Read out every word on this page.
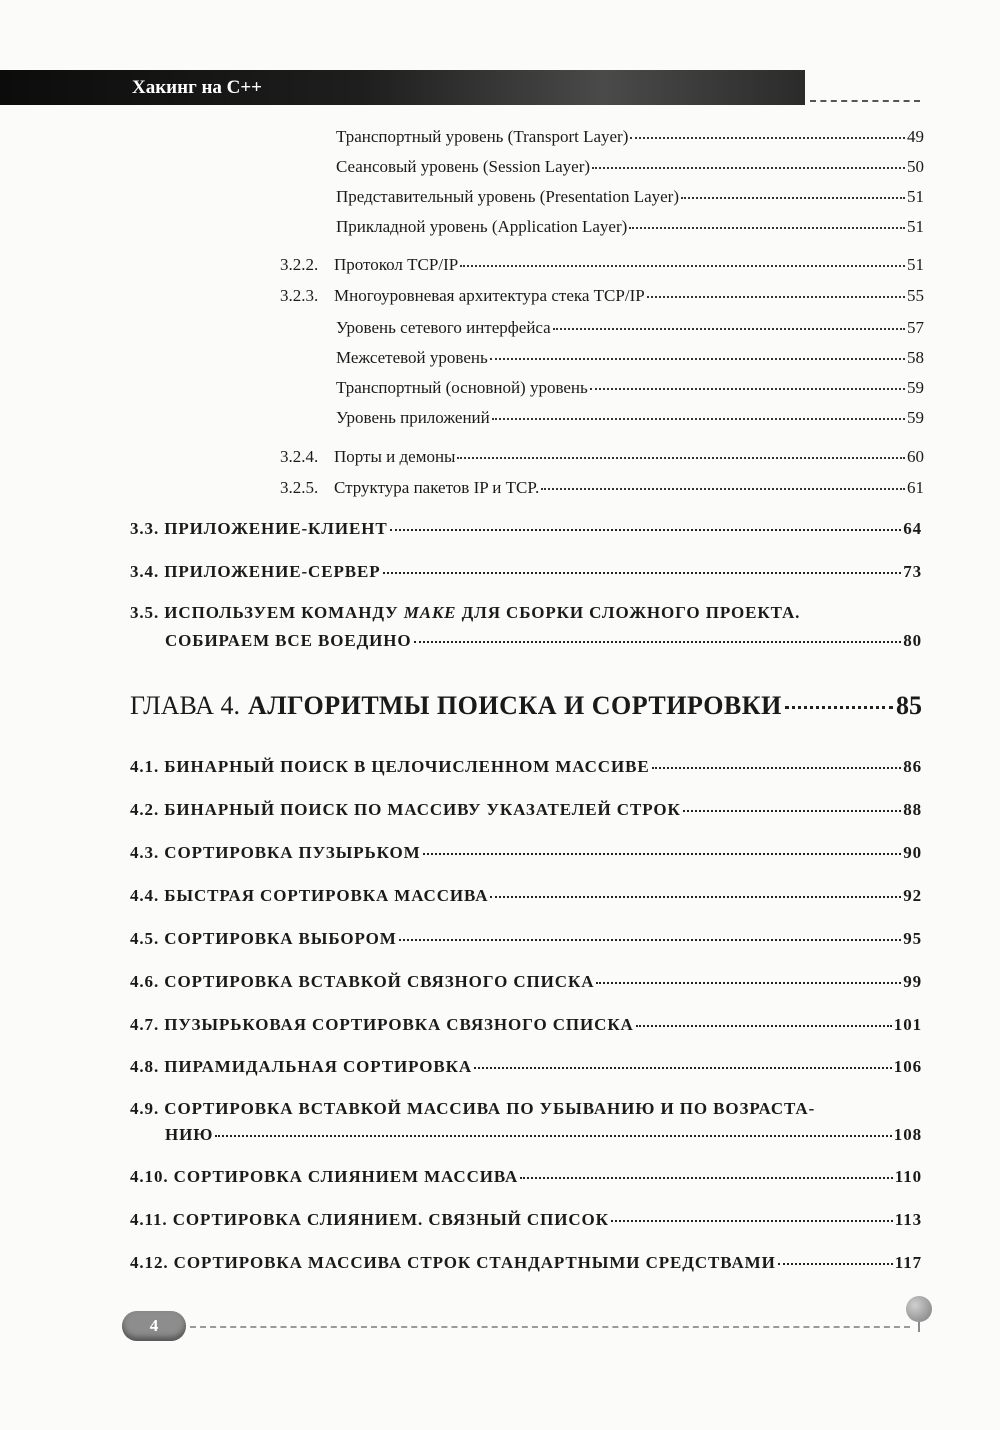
Хакинг на С++
Транспортный уровень (Transport Layer)	49
Сеансовый уровень (Session Layer)	50
Представительный уровень (Presentation Layer)	51
Прикладной уровень (Application Layer)	51
3.2.2. Протокол TCP/IP	51
3.2.3. Многоуровневая архитектура стека TCP/IP	55
Уровень сетевого интерфейса	57
Межсетевой уровень	58
Транспортный (основной) уровень	59
Уровень приложений	59
3.2.4. Порты и демоны	60
3.2.5. Структура пакетов IP и TCP.	61
3.3. ПРИЛОЖЕНИЕ-КЛИЕНТ	64
3.4. ПРИЛОЖЕНИЕ-СЕРВЕР	73
3.5. ИСПОЛЬЗУЕМ КОМАНДУ MAKE ДЛЯ СБОРКИ СЛОЖНОГО ПРОЕКТА.
СОБИРАЕМ ВСЕ ВОЕДИНО	80
ГЛАВА 4. АЛГОРИТМЫ ПОИСКА И СОРТИРОВКИ	85
4.1. БИНАРНЫЙ ПОИСК В ЦЕЛОЧИСЛЕННОМ МАССИВЕ	86
4.2. БИНАРНЫЙ ПОИСК ПО МАССИВУ УКАЗАТЕЛЕЙ СТРОК	88
4.3. СОРТИРОВКА ПУЗЫРЬКОМ	90
4.4. БЫСТРАЯ СОРТИРОВКА МАССИВА	92
4.5. СОРТИРОВКА ВЫБОРОМ	95
4.6. СОРТИРОВКА ВСТАВКОЙ СВЯЗНОГО СПИСКА	99
4.7. ПУЗЫРЬКОВАЯ СОРТИРОВКА СВЯЗНОГО СПИСКА	101
4.8. ПИРАМИДАЛЬНАЯ СОРТИРОВКА	106
4.9. СОРТИРОВКА ВСТАВКОЙ МАССИВА ПО УБЫВАНИЮ И ПО ВОЗРАСТА-
НИЮ	108
4.10. СОРТИРОВКА СЛИЯНИЕМ МАССИВА	110
4.11. СОРТИРОВКА СЛИЯНИЕМ. СВЯЗНЫЙ СПИСОК	113
4.12. СОРТИРОВКА МАССИВА СТРОК СТАНДАРТНЫМИ СРЕДСТВАМИ	117
4
